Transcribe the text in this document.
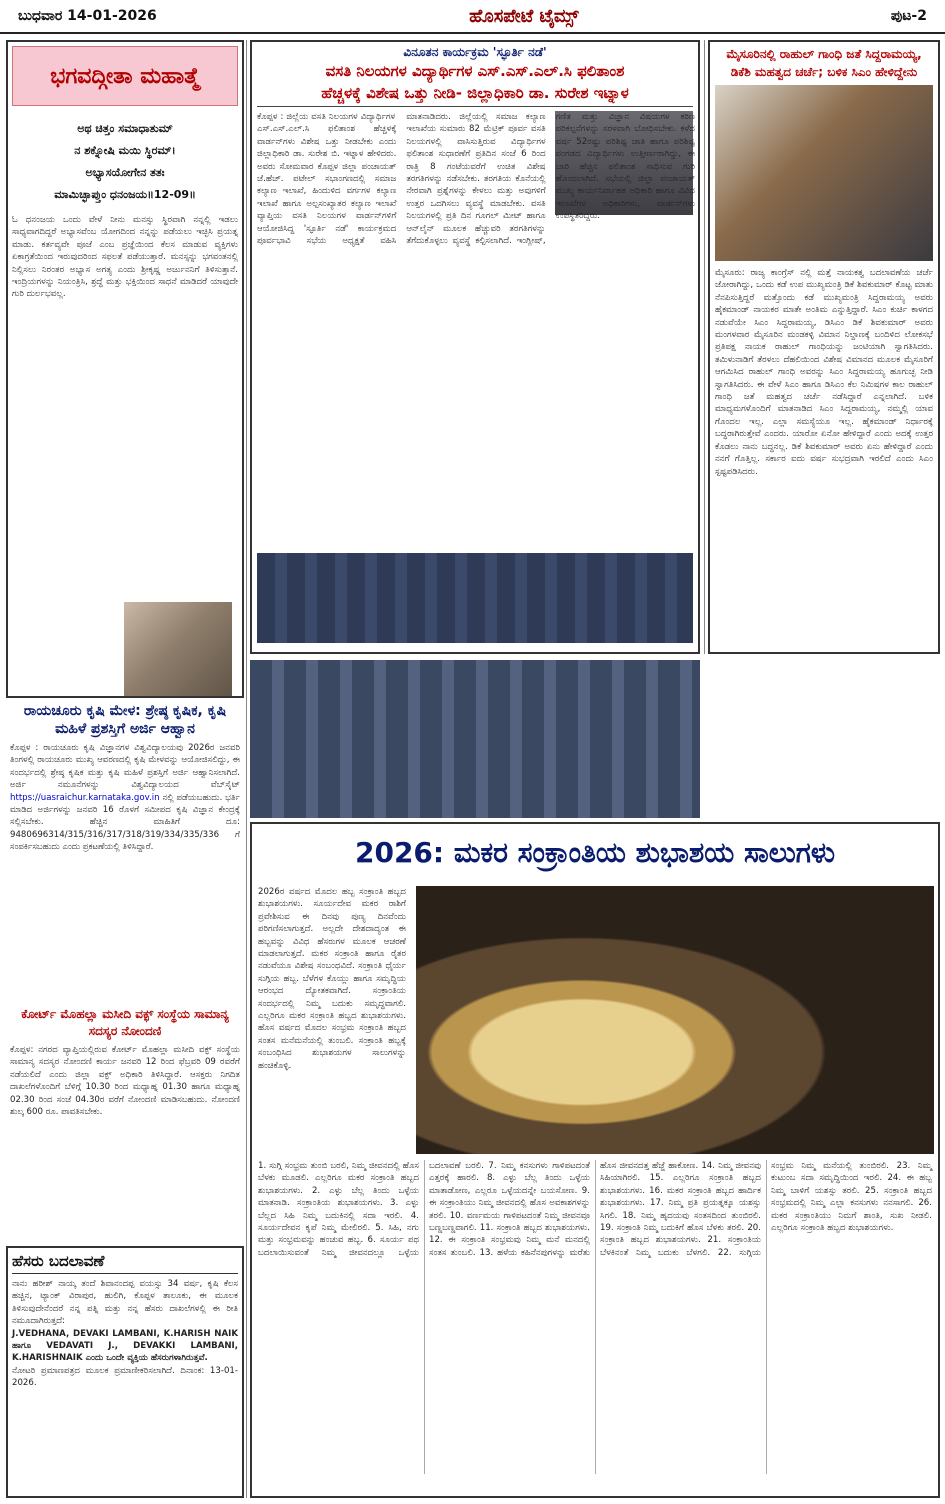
ಬುಧವಾರ 14-01-2026	ಹೊಸಪೇಟೆ ಟೈಮ್ಸ್	ಪುಟ-2
ಭಗವದ್ಗೀತಾ ಮಹಾತ್ಮೆ
ಅಥ ಚಿತ್ತಂ ಸಮಾಧಾತುಮ್
ನ ಶಕ್ನೋಷಿ ಮಯಿ ಸ್ಥಿರಮ್।
ಅಭ್ಯಾಸಯೋಗೇನ ತತಃ
ಮಾಮಿಚ್ಛಾಪ್ತುಂ ಧನಂಜಯ॥12-09॥
ಓ ಧನಂಜಯ ಒಂದು ವೇಳೆ ನೀನು ಮನಸ್ಸು ಸ್ಥಿರವಾಗಿ ನನ್ನಲ್ಲಿ ಇಡಲು ಸಾಧ್ಯವಾಗದಿದ್ದರೆ ಅಭ್ಯಾಸವೆಂಬ ಯೋಗದಿಂದ ನನ್ನನ್ನು ಪಡೆಯಲು ಇಚ್ಛಿಸಿ ಪ್ರಯತ್ನ ಮಾಡು. ಕರ್ತವ್ಯವೇ ಪೂಜೆ ಎಂಬ ಪ್ರಜ್ಞೆಯಿಂದ ಕೆಲಸ ಮಾಡುವ ವ್ಯಕ್ತಿಗಳು ಏಕಾಗ್ರತೆಯಿಂದ ಇರುವುದರಿಂದ ಸಫಲತೆ ಪಡೆಯುತ್ತಾರೆ. ಮನಸ್ಸನ್ನು ಭಗವಂತನಲ್ಲಿ ನಿಲ್ಲಿಸಲು ನಿರಂತರ ಅಭ್ಯಾಸ ಅಗತ್ಯ ಎಂದು ಶ್ರೀಕೃಷ್ಣ ಅರ್ಜುನನಿಗೆ ತಿಳಿಸುತ್ತಾನೆ. ಇಂದ್ರಿಯಗಳನ್ನು ನಿಯಂತ್ರಿಸಿ, ಶ್ರದ್ಧೆ ಮತ್ತು ಭಕ್ತಿಯಿಂದ ಸಾಧನೆ ಮಾಡಿದರೆ ಯಾವುದೇ ಗುರಿ ದುರ್ಲಭವಲ್ಲ.
ರಾಯಚೂರು ಕೃಷಿ ಮೇಳ: ಶ್ರೇಷ್ಠ ಕೃಷಿಕ, ಕೃಷಿ ಮಹಿಳೆ ಪ್ರಶಸ್ತಿಗೆ ಅರ್ಜಿ ಆಹ್ವಾನ
ಕೊಪ್ಪಳ : ರಾಯಚೂರು ಕೃಷಿ ವಿಜ್ಞಾನಗಳ ವಿಶ್ವವಿದ್ಯಾಲಯವು 2026ರ ಜನವರಿ ತಿಂಗಳಲ್ಲಿ ರಾಯಚೂರು ಮುಖ್ಯ ಆವರಣದಲ್ಲಿ ಕೃಷಿ ಮೇಳವನ್ನು ಆಯೋಜಿಸಲಿದ್ದು, ಈ ಸಂದರ್ಭದಲ್ಲಿ ಶ್ರೇಷ್ಠ ಕೃಷಿಕ ಮತ್ತು ಕೃಷಿ ಮಹಿಳೆ ಪ್ರಶಸ್ತಿಗೆ ಅರ್ಜಿ ಆಹ್ವಾನಿಸಲಾಗಿದೆ. ಅರ್ಜಿ ನಮೂನೆಗಳನ್ನು ವಿಶ್ವವಿದ್ಯಾಲಯದ ವೆಬ್‌ಸೈಟ್ https://uasraichur.karnataka.gov.in ನಲ್ಲಿ ಪಡೆಯಬಹುದು. ಭರ್ತಿ ಮಾಡಿದ ಅರ್ಜಿಗಳನ್ನು ಜನವರಿ 16 ರೊಳಗೆ ಸಮೀಪದ ಕೃಷಿ ವಿಜ್ಞಾನ ಕೇಂದ್ರಕ್ಕೆ ಸಲ್ಲಿಸಬೇಕು. ಹೆಚ್ಚಿನ ಮಾಹಿತಿಗೆ ದೂ: 9480696314/315/316/317/318/319/334/335/336 ಗೆ ಸಂಪರ್ಕಿಸಬಹುದು ಎಂದು ಪ್ರಕಟಣೆಯಲ್ಲಿ ತಿಳಿಸಿದ್ದಾರೆ.
ಕೋರ್ಟ್ ಮೊಹಲ್ಲಾ ಮಸೀದಿ ವಕ್ಫ್ ಸಂಸ್ಥೆಯ ಸಾಮಾನ್ಯ ಸದಸ್ಯರ ನೋಂದಣಿ
ಕೊಪ್ಪಳ: ನಗರದ ವ್ಯಾಪ್ತಿಯಲ್ಲಿರುವ ಕೋರ್ಟ್ ಮೊಹಲ್ಲಾ ಮಸೀದಿ ವಕ್ಫ್ ಸಂಸ್ಥೆಯ ಸಾಮಾನ್ಯ ಸದಸ್ಯರ ನೋಂದಣಿ ಕಾರ್ಯ ಜನವರಿ 12 ರಿಂದ ಫೆಬ್ರವರಿ 09 ರವರೆಗೆ ನಡೆಯಲಿದೆ ಎಂದು ಜಿಲ್ಲಾ ವಕ್ಫ್ ಅಧಿಕಾರಿ ತಿಳಿಸಿದ್ದಾರೆ. ಆಸಕ್ತರು ನಿಗದಿತ ದಾಖಲೆಗಳೊಂದಿಗೆ ಬೆಳಿಗ್ಗೆ 10.30 ರಿಂದ ಮಧ್ಯಾಹ್ನ 01.30 ಹಾಗೂ ಮಧ್ಯಾಹ್ನ 02.30 ರಿಂದ ಸಂಜೆ 04.30ರ ವರೆಗೆ ನೋಂದಣಿ ಮಾಡಿಸಬಹುದು. ನೋಂದಣಿ ಶುಲ್ಕ 600 ರೂ. ಪಾವತಿಸಬೇಕು.
ಹೆಸರು ಬದಲಾವಣೆ
ನಾನು ಹರೀಶ್ ನಾಯ್ಕ ತಂದೆ ಶಿವಾನಂದಪ್ಪ ವಯಸ್ಸು 34 ವರ್ಷ, ಕೃಷಿ ಕೆಲಸ ಹಚ್ಚಿನ, ಟ್ಯಾಂಕ್ ವಿರಾಪುರ, ಹುಲಿಗಿ, ಕೊಪ್ಪಳ ತಾಲೂಕು, ಈ ಮೂಲಕ ತಿಳಿಸುವುದೇನೆಂದರೆ ನನ್ನ ಪತ್ನಿ ಮತ್ತು ನನ್ನ ಹೆಸರು ದಾಖಲೆಗಳಲ್ಲಿ ಈ ರೀತಿ ನಮೂದಾಗಿರುತ್ತದೆ:
J.VEDHANA, DEVAKI LAMBANI, K.HARISH NAIK ಹಾಗೂ VEDAVATI J., DEVAKKI LAMBANI, K.HARISHNAIK ಎಂದು ಒಂದೇ ವ್ಯಕ್ತಿಯ ಹೆಸರುಗಳಾಗಿರುತ್ತವೆ.
ನೋಟರಿ ಪ್ರಮಾಣಪತ್ರದ ಮೂಲಕ ಪ್ರಮಾಣೀಕರಿಸಲಾಗಿದೆ. ದಿನಾಂಕ: 13-01-2026.
ವಿನೂತನ ಕಾರ್ಯಕ್ರಮ 'ಸ್ಫೂರ್ತಿ ನಡೆ'
ವಸತಿ ನಿಲಯಗಳ ವಿದ್ಯಾರ್ಥಿಗಳ ಎಸ್.ಎಸ್.ಎಲ್.ಸಿ ಫಲಿತಾಂಶ
ಹೆಚ್ಚಳಕ್ಕೆ ವಿಶೇಷ ಒತ್ತು ನೀಡಿ- ಜಿಲ್ಲಾಧಿಕಾರಿ ಡಾ. ಸುರೇಶ ಇಟ್ನಾಳ
ಕೊಪ್ಪಳ : ಜಿಲ್ಲೆಯ ವಸತಿ ನಿಲಯಗಳ ವಿದ್ಯಾರ್ಥಿಗಳ ಎಸ್.ಎಸ್.ಎಲ್.ಸಿ ಫಲಿತಾಂಶ ಹೆಚ್ಚಳಕ್ಕೆ ವಾರ್ಡನ್‌ಗಳು ವಿಶೇಷ ಒತ್ತು ನೀಡಬೇಕು ಎಂದು ಜಿಲ್ಲಾಧಿಕಾರಿ ಡಾ. ಸುರೇಶ ಬಿ. ಇಟ್ನಾಳ ಹೇಳಿದರು. ಅವರು ಸೋಮವಾರ ಕೊಪ್ಪಳ ಜಿಲ್ಲಾ ಪಂಚಾಯತ್ ಜೆ.ಹೆಚ್. ಪಟೇಲ್ ಸಭಾಂಗಣದಲ್ಲಿ ಸಮಾಜ ಕಲ್ಯಾಣ ಇಲಾಖೆ, ಹಿಂದುಳಿದ ವರ್ಗಗಳ ಕಲ್ಯಾಣ ಇಲಾಖೆ ಹಾಗೂ ಅಲ್ಪಸಂಖ್ಯಾತರ ಕಲ್ಯಾಣ ಇಲಾಖೆ ವ್ಯಾಪ್ತಿಯ ವಸತಿ ನಿಲಯಗಳ ವಾರ್ಡನ್‌ಗಳಿಗೆ ಆಯೋಜಿಸಿದ್ದ 'ಸ್ಫೂರ್ತಿ ನಡೆ' ಕಾರ್ಯಕ್ರಮದ ಪೂರ್ವಭಾವಿ ಸಭೆಯ ಅಧ್ಯಕ್ಷತೆ ವಹಿಸಿ ಮಾತನಾಡಿದರು. ಜಿಲ್ಲೆಯಲ್ಲಿ ಸಮಾಜ ಕಲ್ಯಾಣ ಇಲಾಖೆಯ ಸುಮಾರು 82 ಮೆಟ್ರಿಕ್ ಪೂರ್ವ ವಸತಿ ನಿಲಯಗಳಲ್ಲಿ ವಾಸಿಸುತ್ತಿರುವ ವಿದ್ಯಾರ್ಥಿಗಳ ಫಲಿತಾಂಶ ಸುಧಾರಣೆಗೆ ಪ್ರತಿದಿನ ಸಂಜೆ 6 ರಿಂದ ರಾತ್ರಿ 8 ಗಂಟೆಯವರೆಗೆ ಉಚಿತ ವಿಶೇಷ ತರಗತಿಗಳನ್ನು ನಡೆಸಬೇಕು. ತರಗತಿಯ ಕೊನೆಯಲ್ಲಿ ನೇರವಾಗಿ ಪ್ರಶ್ನೆಗಳನ್ನು ಕೇಳಲು ಮತ್ತು ಅವುಗಳಿಗೆ ಉತ್ತರ ಒದಗಿಸಲು ವ್ಯವಸ್ಥೆ ಮಾಡಬೇಕು. ವಸತಿ ನಿಲಯಗಳಲ್ಲಿ ಪ್ರತಿ ದಿನ ಗೂಗಲ್ ಮೀಟ್ ಹಾಗೂ ಆನ್‌ಲೈನ್ ಮೂಲಕ ಹೆಚ್ಚುವರಿ ತರಗತಿಗಳನ್ನು ತೆಗೆದುಕೊಳ್ಳಲು ವ್ಯವಸ್ಥೆ ಕಲ್ಪಿಸಲಾಗಿದೆ. ಇಂಗ್ಲೀಷ್, ಗಣಿತ ಮತ್ತು ವಿಜ್ಞಾನ ವಿಷಯಗಳ ಕಠಿಣ ಪರಿಕಲ್ಪನೆಗಳನ್ನು ಸರಳವಾಗಿ ಬೋಧಿಸಬೇಕು. ಕಳೆದ ವರ್ಷ 52ರಷ್ಟು ಪರಿಶಿಷ್ಟ ಜಾತಿ ಹಾಗೂ ಪರಿಶಿಷ್ಟ ಪಂಗಡದ ವಿದ್ಯಾರ್ಥಿಗಳು ಉತ್ತೀರ್ಣರಾಗಿದ್ದು, ಈ ಬಾರಿ ಹೆಚ್ಚಿನ ಫಲಿತಾಂಶ ಸಾಧಿಸುವ ಗುರಿ ಹೊಂದಲಾಗಿದೆ. ಸಭೆಯಲ್ಲಿ ಜಿಲ್ಲಾ ಪಂಚಾಯತ್ ಮುಖ್ಯ ಕಾರ್ಯನಿರ್ವಾಹಕ ಅಧಿಕಾರಿ ಹಾಗೂ ವಿವಿಧ ಇಲಾಖೆಗಳ ಅಧಿಕಾರಿಗಳು, ವಾರ್ಡನ್‌ಗಳು ಉಪಸ್ಥಿತರಿದ್ದರು.
ಮೈಸೂರಿನಲ್ಲಿ ರಾಹುಲ್ ಗಾಂಧಿ ಜತೆ ಸಿದ್ದರಾಮಯ್ಯ, ಡಿಕೆಶಿ ಮಹತ್ವದ ಚರ್ಚೆ; ಬಳಿಕ ಸಿಎಂ ಹೇಳಿದ್ದೇನು
ಮೈಸೂರು: ರಾಜ್ಯ ಕಾಂಗ್ರೆಸ್ ನಲ್ಲಿ ಮತ್ತೆ ನಾಯಕತ್ವ ಬದಲಾವಣೆಯ ಚರ್ಚೆ ಜೋರಾಗಿದ್ದು, ಒಂದು ಕಡೆ ಉಪ ಮುಖ್ಯಮಂತ್ರಿ ಡಿಕೆ ಶಿವಕುಮಾರ್ ಕೊಟ್ಟ ಮಾತು ನೆನಪಿಸುತ್ತಿದ್ದರೆ ಮತ್ತೊಂದು ಕಡೆ ಮುಖ್ಯಮಂತ್ರಿ ಸಿದ್ದರಾಮಯ್ಯ ಅವರು ಹೈಕಮಾಂಡ್ ನಾಯಕರ ಮಾತೇ ಅಂತಿಮ ಎನ್ನುತ್ತಿದ್ದಾರೆ. ಸಿಎಂ ಕುರ್ಚಿ ಕಾಳಗದ ನಡುವೆಯೇ ಸಿಎಂ ಸಿದ್ದರಾಮಯ್ಯ, ಡಿಸಿಎಂ ಡಿಕೆ ಶಿವಕುಮಾರ್ ಅವರು ಮಂಗಳವಾರ ಮೈಸೂರಿನ ಮಂಡಕಳ್ಳಿ ವಿಮಾನ ನಿಲ್ದಾಣಕ್ಕೆ ಬಂದಿಳಿದ ಲೋಕಸಭೆ ಪ್ರತಿಪಕ್ಷ ನಾಯಕ ರಾಹುಲ್ ಗಾಂಧಿಯನ್ನು ಜಂಟಿಯಾಗಿ ಸ್ವಾಗತಿಸಿದರು. ತಮಿಳುನಾಡಿಗೆ ತೆರಳಲು ದೆಹಲಿಯಿಂದ ವಿಶೇಷ ವಿಮಾನದ ಮೂಲಕ ಮೈಸೂರಿಗೆ ಆಗಮಿಸಿದ ರಾಹುಲ್ ಗಾಂಧಿ ಅವರನ್ನು ಸಿಎಂ ಸಿದ್ದರಾಮಯ್ಯ ಹೂಗುಚ್ಛ ನೀಡಿ ಸ್ವಾಗತಿಸಿದರು. ಈ ವೇಳೆ ಸಿಎಂ ಹಾಗೂ ಡಿಸಿಎಂ ಕೆಲ ನಿಮಿಷಗಳ ಕಾಲ ರಾಹುಲ್ ಗಾಂಧಿ ಜತೆ ಮಹತ್ವದ ಚರ್ಚೆ ನಡೆಸಿದ್ದಾರೆ ಎನ್ನಲಾಗಿದೆ. ಬಳಿಕ ಮಾಧ್ಯಮಗಳೊಂದಿಗೆ ಮಾತನಾಡಿದ ಸಿಎಂ ಸಿದ್ದರಾಮಯ್ಯ, ನಮ್ಮಲ್ಲಿ ಯಾವ ಗೊಂದಲ ಇಲ್ಲ. ಎಲ್ಲಾ ಸಮಸ್ಯೆಯೂ ಇಲ್ಲ. ಹೈಕಮಾಂಡ್ ನಿರ್ಧಾರಕ್ಕೆ ಬದ್ಧರಾಗಿರುತ್ತೇವೆ ಎಂದರು. ಯಾರೋ ಏನೋ ಹೇಳಿದ್ದಾರೆ ಎಂದು ಅದಕ್ಕೆ ಉತ್ತರ ಕೊಡಲು ನಾನು ಬದ್ಧನಲ್ಲ. ಡಿಕೆ ಶಿವಕುಮಾರ್ ಅವರು ಏನು ಹೇಳಿದ್ದಾರೆ ಎಂದು ನನಗೆ ಗೊತ್ತಿಲ್ಲ. ಸರ್ಕಾರ ಐದು ವರ್ಷ ಸುಭದ್ರವಾಗಿ ಇರಲಿದೆ ಎಂದು ಸಿಎಂ ಸ್ಪಷ್ಟಪಡಿಸಿದರು.
2026: ಮಕರ ಸಂಕ್ರಾಂತಿಯ ಶುಭಾಶಯ ಸಾಲುಗಳು
2026ರ ವರ್ಷದ ಮೊದಲ ಹಬ್ಬ ಸಂಕ್ರಾಂತಿ ಹಬ್ಬದ ಶುಭಾಶಯಗಳು. ಸೂರ್ಯದೇವ ಮಕರ ರಾಶಿಗೆ ಪ್ರವೇಶಿಸುವ ಈ ದಿನವು ಪುಣ್ಯ ದಿನವೆಂದು ಪರಿಗಣಿಸಲಾಗುತ್ತದೆ. ಅಲ್ಲದೇ ದೇಶದಾದ್ಯಂತ ಈ ಹಬ್ಬವನ್ನು ವಿವಿಧ ಹೆಸರುಗಳ ಮೂಲಕ ಆಚರಣೆ ಮಾಡಲಾಗುತ್ತದೆ. ಮಕರ ಸಂಕ್ರಾಂತಿ ಹಾಗೂ ರೈತರ ನಡುವೆಯೂ ವಿಶೇಷ ಸಂಬಂಧವಿದೆ. ಸಂಕ್ರಾಂತಿ ಧೈರ್ಯ ಸುಗ್ಗಿಯ ಹಬ್ಬ. ಬೆಳೆಗಳ ಕೊಯ್ಲು ಹಾಗೂ ಸಮೃದ್ಧಿಯ ಆರಂಭದ ದ್ಯೋತಕವಾಗಿದೆ. ಸಂಕ್ರಾಂತಿಯ ಸಂದರ್ಭದಲ್ಲಿ ನಿಮ್ಮ ಬದುಕು ಸಮೃದ್ಧವಾಗಲಿ. ಎಲ್ಲರಿಗೂ ಮಕರ ಸಂಕ್ರಾಂತಿ ಹಬ್ಬದ ಶುಭಾಶಯಗಳು. ಹೊಸ ವರ್ಷದ ಮೊದಲ ಸಂಭ್ರಮ ಸಂಕ್ರಾಂತಿ ಹಬ್ಬದ ಸಂತಸ ಮನೆಮನೆಯಲ್ಲಿ ತುಂಬಲಿ. ಸಂಕ್ರಾಂತಿ ಹಬ್ಬಕ್ಕೆ ಸಂಬಂಧಿಸಿದ ಶುಭಾಶಯಗಳ ಸಾಲುಗಳನ್ನು ಹಂಚಿಕೊಳ್ಳಿ.
1. ಸುಗ್ಗಿ ಸಂಭ್ರಮ ತುಂಬಿ ಬರಲಿ, ನಿಮ್ಮ ಜೀವನದಲ್ಲಿ ಹೊಸ ಬೆಳಕು ಮೂಡಲಿ. ಎಲ್ಲರಿಗೂ ಮಕರ ಸಂಕ್ರಾಂತಿ ಹಬ್ಬದ ಶುಭಾಶಯಗಳು. 2. ಎಳ್ಳು ಬೆಲ್ಲ ತಿಂದು ಒಳ್ಳೆಯ ಮಾತನಾಡಿ. ಸಂಕ್ರಾಂತಿಯ ಶುಭಾಶಯಗಳು. 3. ಎಳ್ಳು ಬೆಲ್ಲದ ಸಿಹಿ ನಿಮ್ಮ ಬದುಕಿನಲ್ಲಿ ಸದಾ ಇರಲಿ. 4. ಸೂರ್ಯದೇವನ ಕೃಪೆ ನಿಮ್ಮ ಮೇಲಿರಲಿ. 5. ಸಿಹಿ, ನಗು ಮತ್ತು ಸಂಭ್ರಮವನ್ನು ಹಂಚುವ ಹಬ್ಬ. 6. ಸೂರ್ಯ ಪಥ ಬದಲಾಯಿಸುವಂತೆ ನಿಮ್ಮ ಜೀವನದಲ್ಲೂ ಒಳ್ಳೆಯ ಬದಲಾವಣೆ ಬರಲಿ. 7. ನಿಮ್ಮ ಕನಸುಗಳು ಗಾಳಿಪಟದಂತೆ ಎತ್ತರಕ್ಕೆ ಹಾರಲಿ. 8. ಎಳ್ಳು ಬೆಲ್ಲ ತಿಂದು ಒಳ್ಳೆಯ ಮಾತಾಡೋಣ, ಎಲ್ಲರೂ ಒಳ್ಳೆಯದನ್ನೇ ಬಯಸೋಣ. 9. ಈ ಸಂಕ್ರಾಂತಿಯು ನಿಮ್ಮ ಜೀವನದಲ್ಲಿ ಹೊಸ ಅವಕಾಶಗಳನ್ನು ತರಲಿ. 10. ವರ್ಣಮಯ ಗಾಳಿಪಟದಂತೆ ನಿಮ್ಮ ಜೀವನವೂ ಬಣ್ಣಬಣ್ಣವಾಗಲಿ. 11. ಸಂಕ್ರಾಂತಿ ಹಬ್ಬದ ಶುಭಾಶಯಗಳು. 12. ಈ ಸಂಕ್ರಾಂತಿ ಸಂಭ್ರಮವು ನಿಮ್ಮ ಮನೆ ಮನದಲ್ಲಿ ಸಂತಸ ತುಂಬಲಿ. 13. ಹಳೆಯ ಕಹಿನೆನಪುಗಳನ್ನು ಮರೆತು ಹೊಸ ಜೀವನದತ್ತ ಹೆಜ್ಜೆ ಹಾಕೋಣ. 14. ನಿಮ್ಮ ಜೀವನವು ಸಿಹಿಯಾಗಿರಲಿ. 15. ಎಲ್ಲರಿಗೂ ಸಂಕ್ರಾಂತಿ ಹಬ್ಬದ ಶುಭಾಶಯಗಳು. 16. ಮಕರ ಸಂಕ್ರಾಂತಿ ಹಬ್ಬದ ಹಾರ್ದಿಕ ಶುಭಾಶಯಗಳು. 17. ನಿಮ್ಮ ಪ್ರತಿ ಪ್ರಯತ್ನಕ್ಕೂ ಯಶಸ್ಸು ಸಿಗಲಿ. 18. ನಿಮ್ಮ ಹೃದಯವು ಸಂತಸದಿಂದ ತುಂಬಿರಲಿ. 19. ಸಂಕ್ರಾಂತಿ ನಿಮ್ಮ ಬದುಕಿಗೆ ಹೊಸ ಬೆಳಕು ತರಲಿ. 20. ಸಂಕ್ರಾಂತಿ ಹಬ್ಬದ ಶುಭಾಶಯಗಳು. 21. ಸಂಕ್ರಾಂತಿಯ ಬೆಳಕಿನಂತೆ ನಿಮ್ಮ ಬದುಕು ಬೆಳಗಲಿ. 22. ಸುಗ್ಗಿಯ ಸಂಭ್ರಮ ನಿಮ್ಮ ಮನೆಯಲ್ಲಿ ತುಂಬಿರಲಿ. 23. ನಿಮ್ಮ ಕುಟುಂಬ ಸದಾ ಸಮೃದ್ಧಿಯಿಂದ ಇರಲಿ. 24. ಈ ಹಬ್ಬ ನಿಮ್ಮ ಬಾಳಿಗೆ ಯಶಸ್ಸು ತರಲಿ. 25. ಸಂಕ್ರಾಂತಿ ಹಬ್ಬದ ಸಂಭ್ರಮದಲ್ಲಿ ನಿಮ್ಮ ಎಲ್ಲಾ ಕನಸುಗಳು ನನಸಾಗಲಿ. 26. ಮಕರ ಸಂಕ್ರಾಂತಿಯು ನಿಮಗೆ ಶಾಂತಿ, ಸುಖ ನೀಡಲಿ. ಎಲ್ಲರಿಗೂ ಸಂಕ್ರಾಂತಿ ಹಬ್ಬದ ಶುಭಾಶಯಗಳು.
